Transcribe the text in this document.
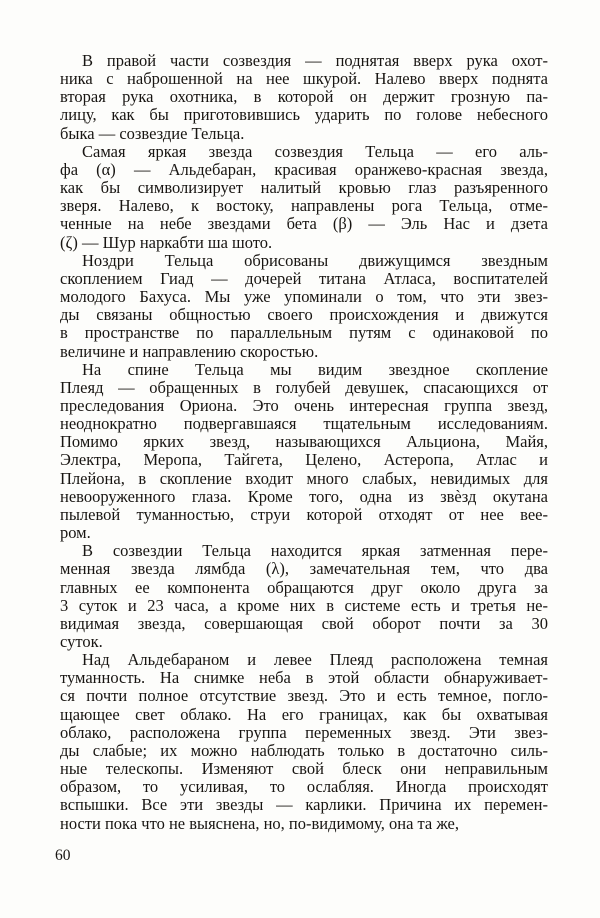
В правой части созвездия — поднятая вверх рука охот-
ника с наброшенной на нее шкурой. Налево вверх поднята
вторая рука охотника, в которой он держит грозную па-
лицу, как бы приготовившись ударить по голове небесного
быка — созвездие Тельца.

Самая яркая звезда созвездия Тельца — его аль-
фа (α) — Альдебаран, красивая оранжево-красная звезда,
как бы символизирует налитый кровью глаз разъяренного
зверя. Налево, к востоку, направлены рога Тельца, отме-
ченные на небе звездами бета (β) — Эль Нас и дзета
(ζ) — Шур наркабти ша шото.

Ноздри Тельца обрисованы движущимся звездным
скоплением Гиад — дочерей титана Атласа, воспитателей
молодого Бахуса. Мы уже упоминали о том, что эти звез-
ды связаны общностью своего происхождения и движутся
в пространстве по параллельным путям с одинаковой по
величине и направлению скоростью.

На спине Тельца мы видим звездное скопление
Плеяд — обращенных в голубей девушек, спасающихся от
преследования Ориона. Это очень интересная группа звезд,
неоднократно подвергавшаяся тщательным исследованиям.
Помимо ярких звезд, называющихся Альциона, Майя,
Электра, Меропа, Тайгета, Целено, Астеропа, Атлас и
Плейона, в скопление входит много слабых, невидимых для
невооруженного глаза. Кроме того, одна из звѐзд окутана
пылевой туманностью, струи которой отходят от нее вее-
ром.

В созвездии Тельца находится яркая затменная пере-
менная звезда лямбда (λ), замечательная тем, что два
главных ее компонента обращаются друг около друга за
3 суток и 23 часа, а кроме них в системе есть и третья не-
видимая звезда, совершающая свой оборот почти за 30
суток.

Над Альдебараном и левее Плеяд расположена темная
туманность. На снимке неба в этой области обнаруживает-
ся почти полное отсутствие звезд. Это и есть темное, погло-
щающее свет облако. На его границах, как бы охватывая
облако, расположена группа переменных звезд. Эти звез-
ды слабые; их можно наблюдать только в достаточно силь-
ные телескопы. Изменяют свой блеск они неправильным
образом, то усиливая, то ослабляя. Иногда происходят
вспышки. Все эти звезды — карлики. Причина их перемен-
ности пока что не выяснена, но, по-видимому, она та же,

60
